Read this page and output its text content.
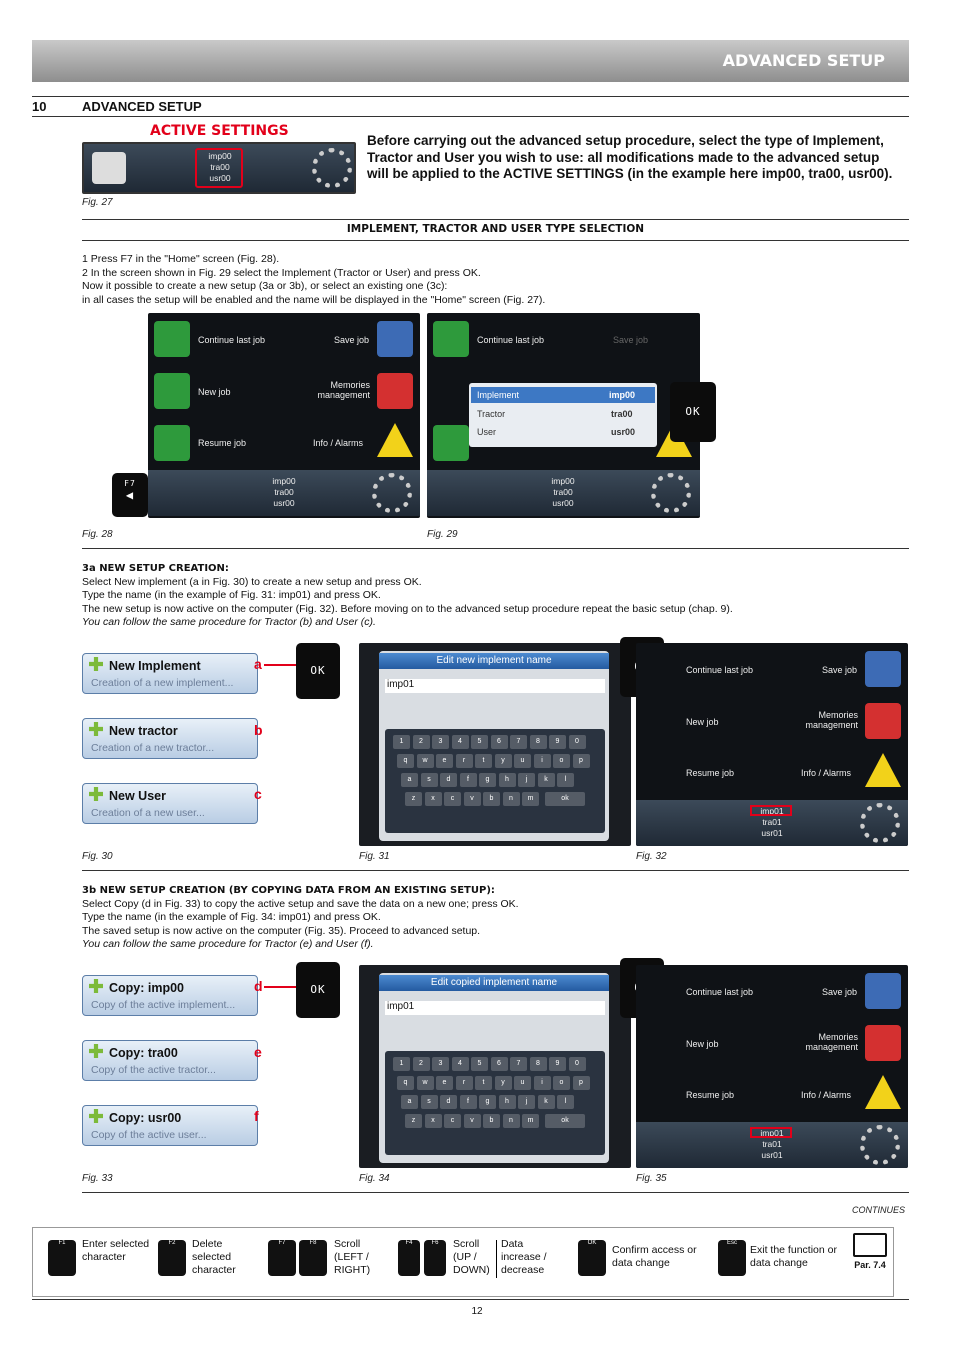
ADVANCED SETUP
10	ADVANCED SETUP
ACTIVE SETTINGS
imp00
tra00
usr00
Fig. 27
Before carrying out the advanced setup procedure, select the type of Implement, Tractor and User you wish to use: all modifications made to the advanced setup will be applied to the ACTIVE SETTINGS (in the example here imp00, tra00, usr00).
IMPLEMENT, TRACTOR AND USER TYPE SELECTION
1 Press F7 in the "Home" screen (Fig. 28).
2 In the screen shown in Fig. 29 select the Implement (Tractor or User) and press OK.
Now it possible to create a new setup (3a or 3b), or select an existing one (3c):
in all cases the setup will be enabled and the name will be displayed in the "Home" screen (Fig. 27).
Continue last job	Save job
New job
Memories management
Resume job	Info / Alarms
imp00
tra00
usr00
F7
◀
Continue last job	Save job
imp00
tra00
usr00
Implement	imp00
Tractor	tra00
User	usr00
OK
Fig. 28	Fig. 29
3a NEW SETUP CREATION:
Select New implement (a in Fig. 30) to create a new setup and press OK.
Type the name (in the example of Fig. 31: imp01) and press OK.
The new setup is now active on the computer (Fig. 32). Before moving on to the advanced setup procedure repeat the basic setup (chap. 9).
You can follow the same procedure for Tractor (b) and User (c).
New Implement
Creation of a new implement...
New tractor
Creation of a new tractor...
New User
Creation of a new user...
a
b
c
OK
Edit new implement name
imp01
1	2	3	4	5	6	7	8	9	0
q	w	e	r	t	y	u	i	o	p
a	s	d	f	g	h	j	k	l
z	x	c	v	b	n	m	ok
Continue last job	Save job
New job
Memories management
Resume job	Info / Alarms
imp01
tra01
usr01
Fig. 30	Fig. 31	Fig. 32
3b NEW SETUP CREATION (BY COPYING DATA FROM AN EXISTING SETUP):
Select Copy (d in Fig. 33) to copy the active setup and save the data on a new one; press OK.
Type the name (in the example of Fig. 34: imp01) and press OK.
The saved setup is now active on the computer (Fig. 35). Proceed to advanced setup.
You can follow the same procedure for Tractor (e) and User (f).
Copy: imp00
Copy of the active implement...
Copy: tra00
Copy of the active tractor...
Copy: usr00
Copy of the active user...
d
e
f
OK
Edit copied implement name
imp01
1	2	3	4	5	6	7	8	9	0
q	w	e	r	t	y	u	i	o	p
a	s	d	f	g	h	j	k	l
z	x	c	v	b	n	m	ok
Continue last job	Save job
New job
Memories management
Resume job	Info / Alarms
imp01
tra01
usr01
Fig. 33	Fig. 34	Fig. 35
CONTINUES
F1	Enter selected character
F2	Delete selected character
F7	F8	Scroll (LEFT / RIGHT)
F4	F6	Scroll (UP / DOWN)
Data increase / decrease
OK
Confirm access or data change
Esc
Exit the function or data change	Par. 7.4
12
